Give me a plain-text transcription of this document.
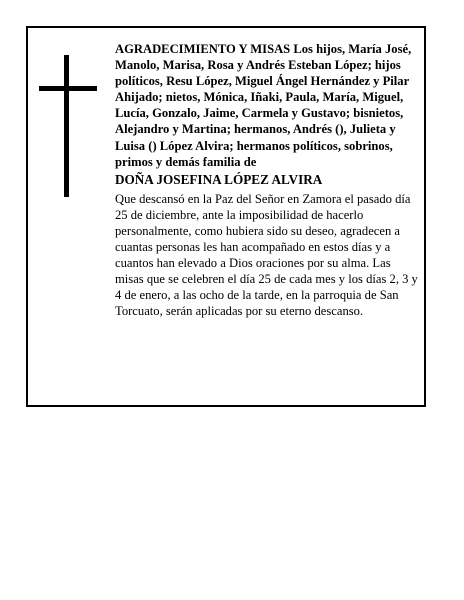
AGRADECIMIENTO Y MISAS Los hijos, María José, Manolo, Marisa, Rosa y Andrés Esteban López; hijos políticos, Resu López, Miguel Ángel Hernández y Pilar Ahijado; nietos, Mónica, Iñaki, Paula, María, Miguel, Lucía, Gonzalo, Jaime, Carmela y Gustavo; bisnietos, Alejandro y Martina; hermanos, Andrés (), Julieta y Luisa () López Alvira; hermanos políticos, sobrinos, primos y demás familia de

DOÑA JOSEFINA LÓPEZ ALVIRA

Que descansó en la Paz del Señor en Zamora el pasado día 25 de diciembre, ante la imposibilidad de hacerlo personalmente, como hubiera sido su deseo, agradecen a cuantas personas les han acompañado en estos días y a cuantos han elevado a Dios oraciones por su alma. Las misas que se celebren el día 25 de cada mes y los días 2, 3 y 4 de enero, a las ocho de la tarde, en la parroquia de San Torcuato, serán aplicadas por su eterno descanso.
